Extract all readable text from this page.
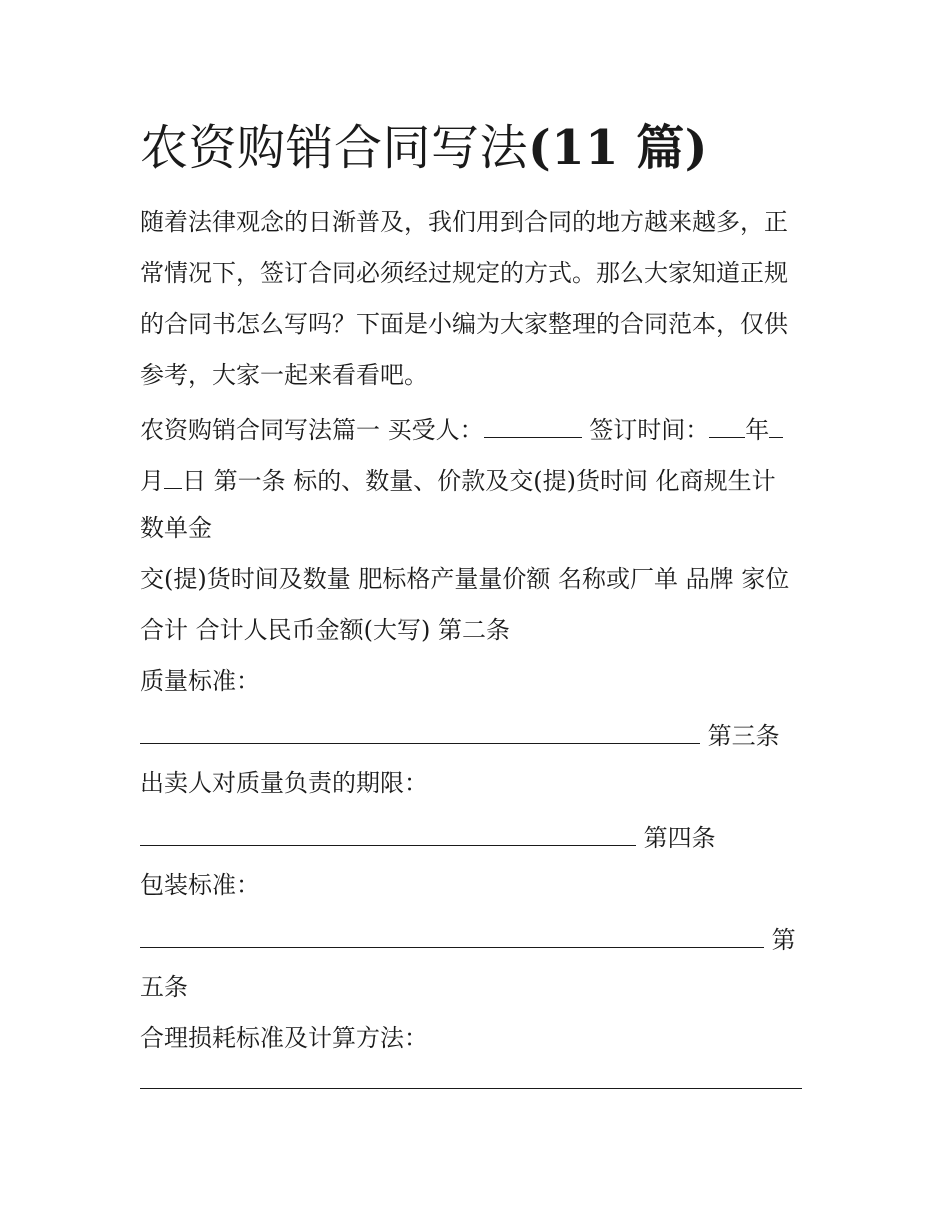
农资购销合同写法(11 篇)
随着法律观念的日渐普及，我们用到合同的地方越来越多，正
常情况下，签订合同必须经过规定的方式。那么大家知道正规
的合同书怎么写吗？下面是小编为大家整理的合同范本，仅供
参考，大家一起来看看吧。
农资购销合同写法篇一 买受人：	签订时间： 年
月 日 第一条 标的、数量、价款及交(提)货时间 化商规生计
数单金
交(提)货时间及数量 肥标格产量量价额 名称或厂单 品牌 家位
合计 合计人民币金额(大写) 第二条
质量标准：
第三条
出卖人对质量负责的期限：
第四条
包装标准：
第
五条
合理损耗标准及计算方法：
